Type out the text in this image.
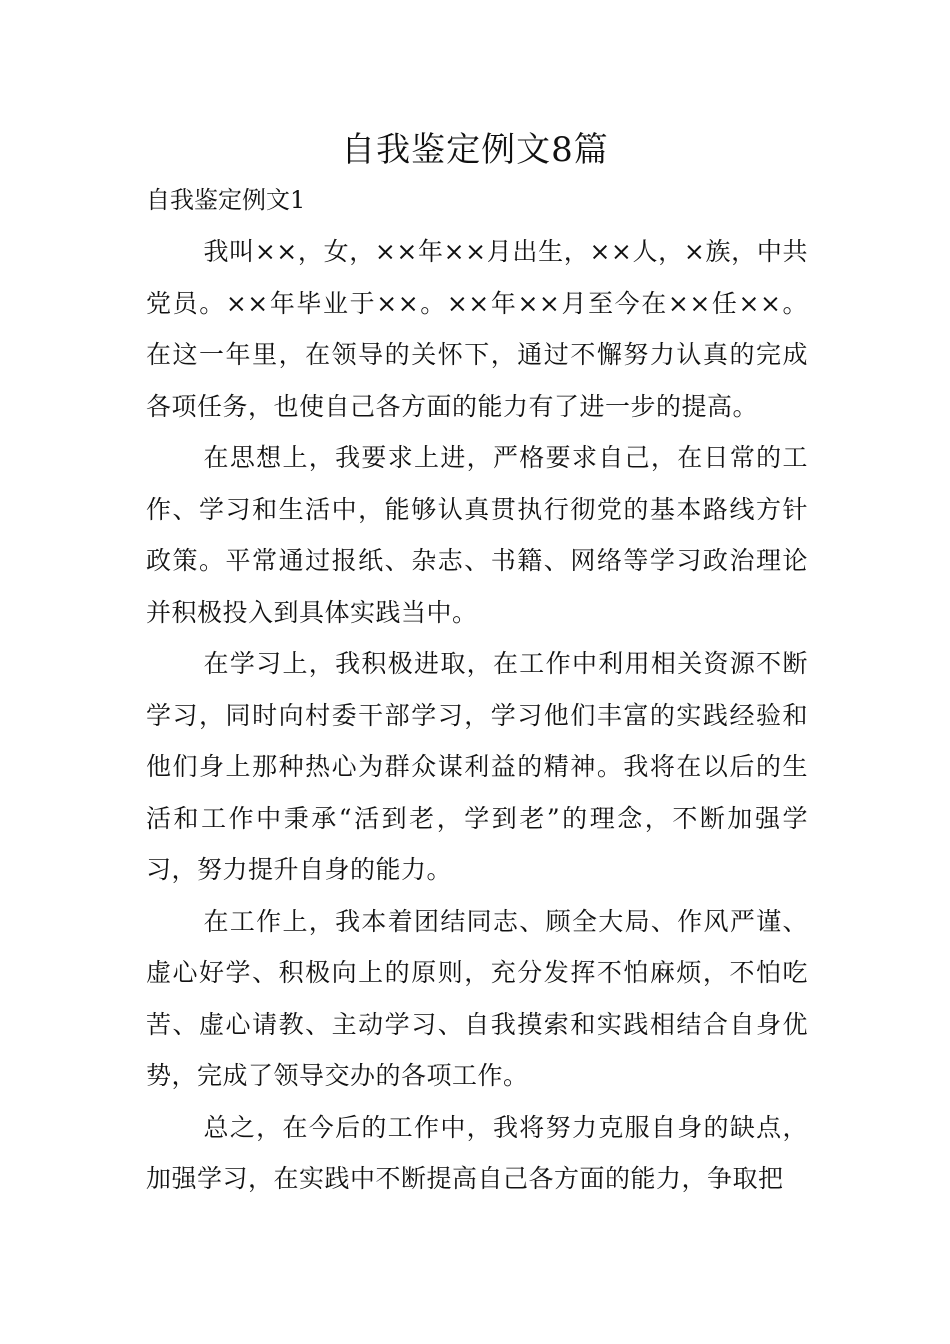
自我鉴定例文8篇

自我鉴定例文1

我叫××，女，××年××月出生，××人，×族，中共党员。××年毕业于××。××年××月至今在××任××。在这一年里，在领导的关怀下，通过不懈努力认真的完成各项任务，也使自己各方面的能力有了进一步的提高。

在思想上，我要求上进，严格要求自己，在日常的工作、学习和生活中，能够认真贯执行彻党的基本路线方针政策。平常通过报纸、杂志、书籍、网络等学习政治理论并积极投入到具体实践当中。

在学习上，我积极进取，在工作中利用相关资源不断学习，同时向村委干部学习，学习他们丰富的实践经验和他们身上那种热心为群众谋利益的精神。我将在以后的生活和工作中秉承“活到老，学到老”的理念，不断加强学习，努力提升自身的能力。

在工作上，我本着团结同志、顾全大局、作风严谨、虚心好学、积极向上的原则，充分发挥不怕麻烦，不怕吃苦、虚心请教、主动学习、自我摸索和实践相结合自身优势，完成了领导交办的各项工作。

总之，在今后的工作中，我将努力克服自身的缺点，加强学习，在实践中不断提高自己各方面的能力，争取把
